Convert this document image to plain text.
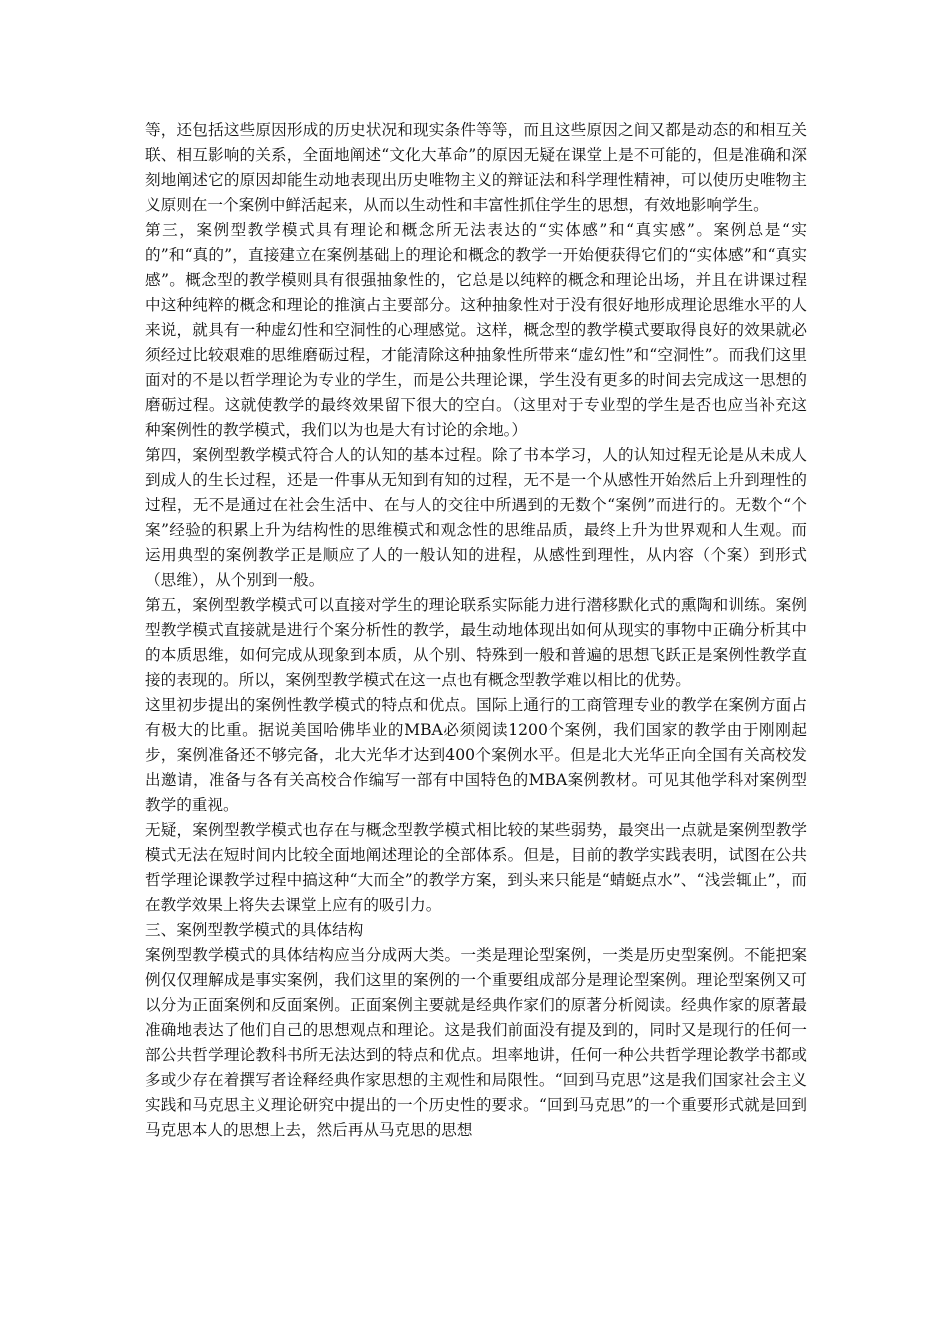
等，还包括这些原因形成的历史状况和现实条件等等，而且这些原因之间又都是动态的和相互关联、相互影响的关系，全面地阐述“文化大革命”的原因无疑在课堂上是不可能的，但是准确和深刻地阐述它的原因却能生动地表现出历史唯物主义的辩证法和科学理性精神，可以使历史唯物主义原则在一个案例中鲜活起来，从而以生动性和丰富性抓住学生的思想，有效地影响学生。

第三，案例型教学模式具有理论和概念所无法表达的“实体感”和“真实感”。案例总是“实的”和“真的”，直接建立在案例基础上的理论和概念的教学一开始便获得它们的“实体感”和“真实感”。概念型的教学模则具有很强抽象性的，它总是以纯粹的概念和理论出场，并且在讲课过程中这种纯粹的概念和理论的推演占主要部分。这种抽象性对于没有很好地形成理论思维水平的人来说，就具有一种虚幻性和空洞性的心理感觉。这样，概念型的教学模式要取得良好的效果就必须经过比较艰难的思维磨砺过程，才能清除这种抽象性所带来“虚幻性”和“空洞性”。而我们这里面对的不是以哲学理论为专业的学生，而是公共理论课，学生没有更多的时间去完成这一思想的磨砺过程。这就使教学的最终效果留下很大的空白。（这里对于专业型的学生是否也应当补充这种案例性的教学模式，我们以为也是大有讨论的余地。）

第四，案例型教学模式符合人的认知的基本过程。除了书本学习，人的认知过程无论是从未成人到成人的生长过程，还是一件事从无知到有知的过程，无不是一个从感性开始然后上升到理性的过程，无不是通过在社会生活中、在与人的交往中所遇到的无数个“案例”而进行的。无数个“个案”经验的积累上升为结构性的思维模式和观念性的思维品质，最终上升为世界观和人生观。而运用典型的案例教学正是顺应了人的一般认知的进程，从感性到理性，从内容（个案）到形式（思维），从个别到一般。

第五，案例型教学模式可以直接对学生的理论联系实际能力进行潜移默化式的熏陶和训练。案例型教学模式直接就是进行个案分析性的教学，最生动地体现出如何从现实的事物中正确分析其中的本质思维，如何完成从现象到本质，从个别、特殊到一般和普遍的思想飞跃正是案例性教学直接的表现的。所以，案例型教学模式在这一点也有概念型教学难以相比的优势。

这里初步提出的案例性教学模式的特点和优点。国际上通行的工商管理专业的教学在案例方面占有极大的比重。据说美国哈佛毕业的MBA必须阅读1200个案例，我们国家的教学由于刚刚起步，案例准备还不够完备，北大光华才达到400个案例水平。但是北大光华正向全国有关高校发出邀请，准备与各有关高校合作编写一部有中国特色的MBA案例教材。可见其他学科对案例型教学的重视。

无疑，案例型教学模式也存在与概念型教学模式相比较的某些弱势，最突出一点就是案例型教学模式无法在短时间内比较全面地阐述理论的全部体系。但是，目前的教学实践表明，试图在公共哲学理论课教学过程中搞这种“大而全”的教学方案，到头来只能是“蜻蜓点水”、“浅尝辄止”，而在教学效果上将失去课堂上应有的吸引力。

三、案例型教学模式的具体结构

案例型教学模式的具体结构应当分成两大类。一类是理论型案例，一类是历史型案例。不能把案例仅仅理解成是事实案例，我们这里的案例的一个重要组成部分是理论型案例。理论型案例又可以分为正面案例和反面案例。正面案例主要就是经典作家们的原著分析阅读。经典作家的原著最准确地表达了他们自己的思想观点和理论。这是我们前面没有提及到的，同时又是现行的任何一部公共哲学理论教科书所无法达到的特点和优点。坦率地讲，任何一种公共哲学理论教学书都或多或少存在着撰写者诠释经典作家思想的主观性和局限性。“回到马克思”这是我们国家社会主义实践和马克思主义理论研究中提出的一个历史性的要求。“回到马克思”的一个重要形式就是回到马克思本人的思想上去，然后再从马克思的思想
